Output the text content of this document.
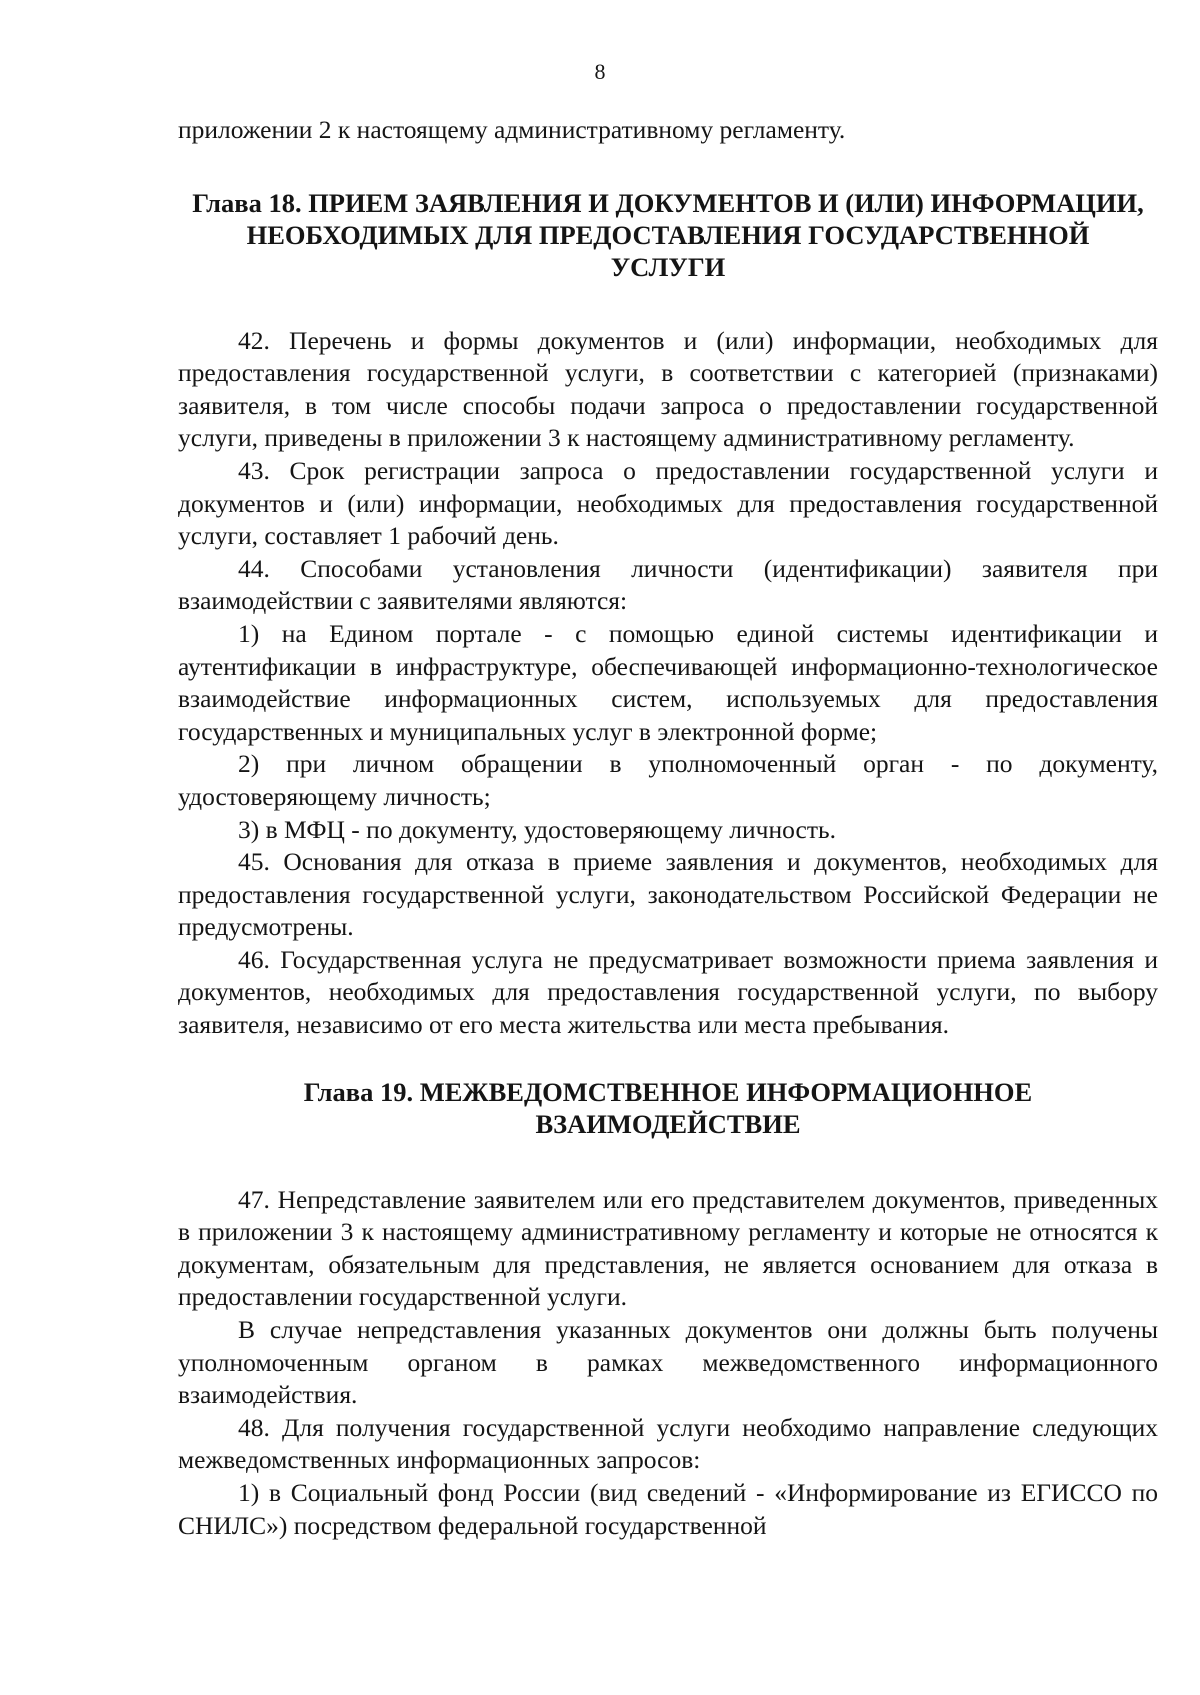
8

приложении 2 к настоящему административному регламенту.

Глава 18. ПРИЕМ ЗАЯВЛЕНИЯ И ДОКУМЕНТОВ И (ИЛИ) ИНФОРМАЦИИ,
НЕОБХОДИМЫХ ДЛЯ ПРЕДОСТАВЛЕНИЯ ГОСУДАРСТВЕННОЙ
УСЛУГИ

42. Перечень и формы документов и (или) информации, необходимых для предоставления государственной услуги, в соответствии с категорией (признаками) заявителя, в том числе способы подачи запроса о предоставлении государственной услуги, приведены в приложении 3 к настоящему административному регламенту.

43. Срок регистрации запроса о предоставлении государственной услуги и документов и (или) информации, необходимых для предоставления государственной услуги, составляет 1 рабочий день.

44. Способами установления личности (идентификации) заявителя при взаимодействии с заявителями являются:

1) на Едином портале - с помощью единой системы идентификации и аутентификации в инфраструктуре, обеспечивающей информационно-технологическое взаимодействие информационных систем, используемых для предоставления государственных и муниципальных услуг в электронной форме;

2) при личном обращении в уполномоченный орган - по документу, удостоверяющему личность;

3) в МФЦ - по документу, удостоверяющему личность.

45. Основания для отказа в приеме заявления и документов, необходимых для предоставления государственной услуги, законодательством Российской Федерации не предусмотрены.

46. Государственная услуга не предусматривает возможности приема заявления и документов, необходимых для предоставления государственной услуги, по выбору заявителя, независимо от его места жительства или места пребывания.

Глава 19. МЕЖВЕДОМСТВЕННОЕ ИНФОРМАЦИОННОЕ
ВЗАИМОДЕЙСТВИЕ

47. Непредставление заявителем или его представителем документов, приведенных в приложении 3 к настоящему административному регламенту и которые не относятся к документам, обязательным для представления, не является основанием для отказа в предоставлении государственной услуги.

В случае непредставления указанных документов они должны быть получены уполномоченным органом в рамках межведомственного информационного взаимодействия.

48. Для получения государственной услуги необходимо направление следующих межведомственных информационных запросов:

1) в Социальный фонд России (вид сведений - «Информирование из ЕГИССО по СНИЛС») посредством федеральной государственной
